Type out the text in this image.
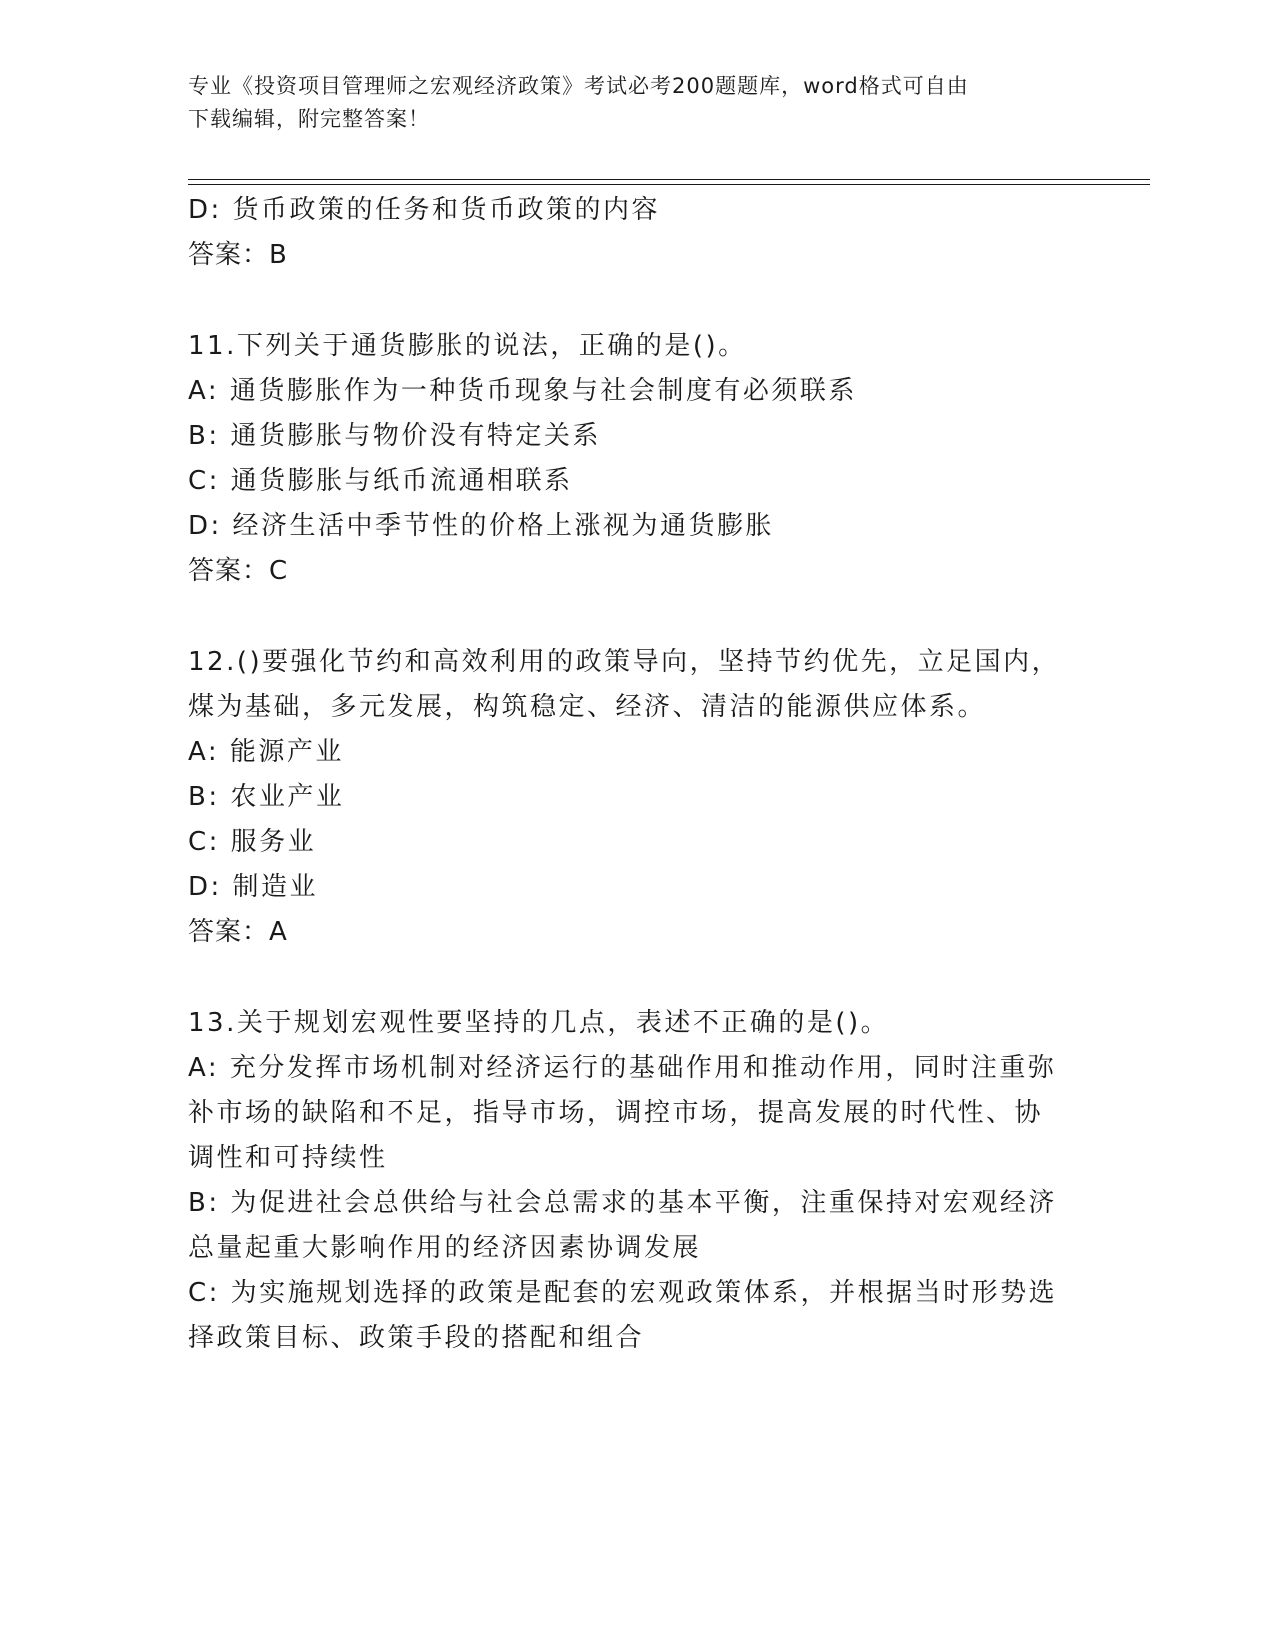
专业《投资项目管理师之宏观经济政策》考试必考200题题库，word格式可自由
下载编辑，附完整答案！
D: 货币政策的任务和货币政策的内容
答案：B
11.下列关于通货膨胀的说法，正确的是()。
A: 通货膨胀作为一种货币现象与社会制度有必须联系
B: 通货膨胀与物价没有特定关系
C: 通货膨胀与纸币流通相联系
D: 经济生活中季节性的价格上涨视为通货膨胀
答案：C
12.()要强化节约和高效利用的政策导向，坚持节约优先，立足国内，
煤为基础，多元发展，构筑稳定、经济、清洁的能源供应体系。
A: 能源产业
B: 农业产业
C: 服务业
D: 制造业
答案：A
13.关于规划宏观性要坚持的几点，表述不正确的是()。
A: 充分发挥市场机制对经济运行的基础作用和推动作用，同时注重弥
补市场的缺陷和不足，指导市场，调控市场，提高发展的时代性、协
调性和可持续性
B: 为促进社会总供给与社会总需求的基本平衡，注重保持对宏观经济
总量起重大影响作用的经济因素协调发展
C: 为实施规划选择的政策是配套的宏观政策体系，并根据当时形势选
择政策目标、政策手段的搭配和组合
